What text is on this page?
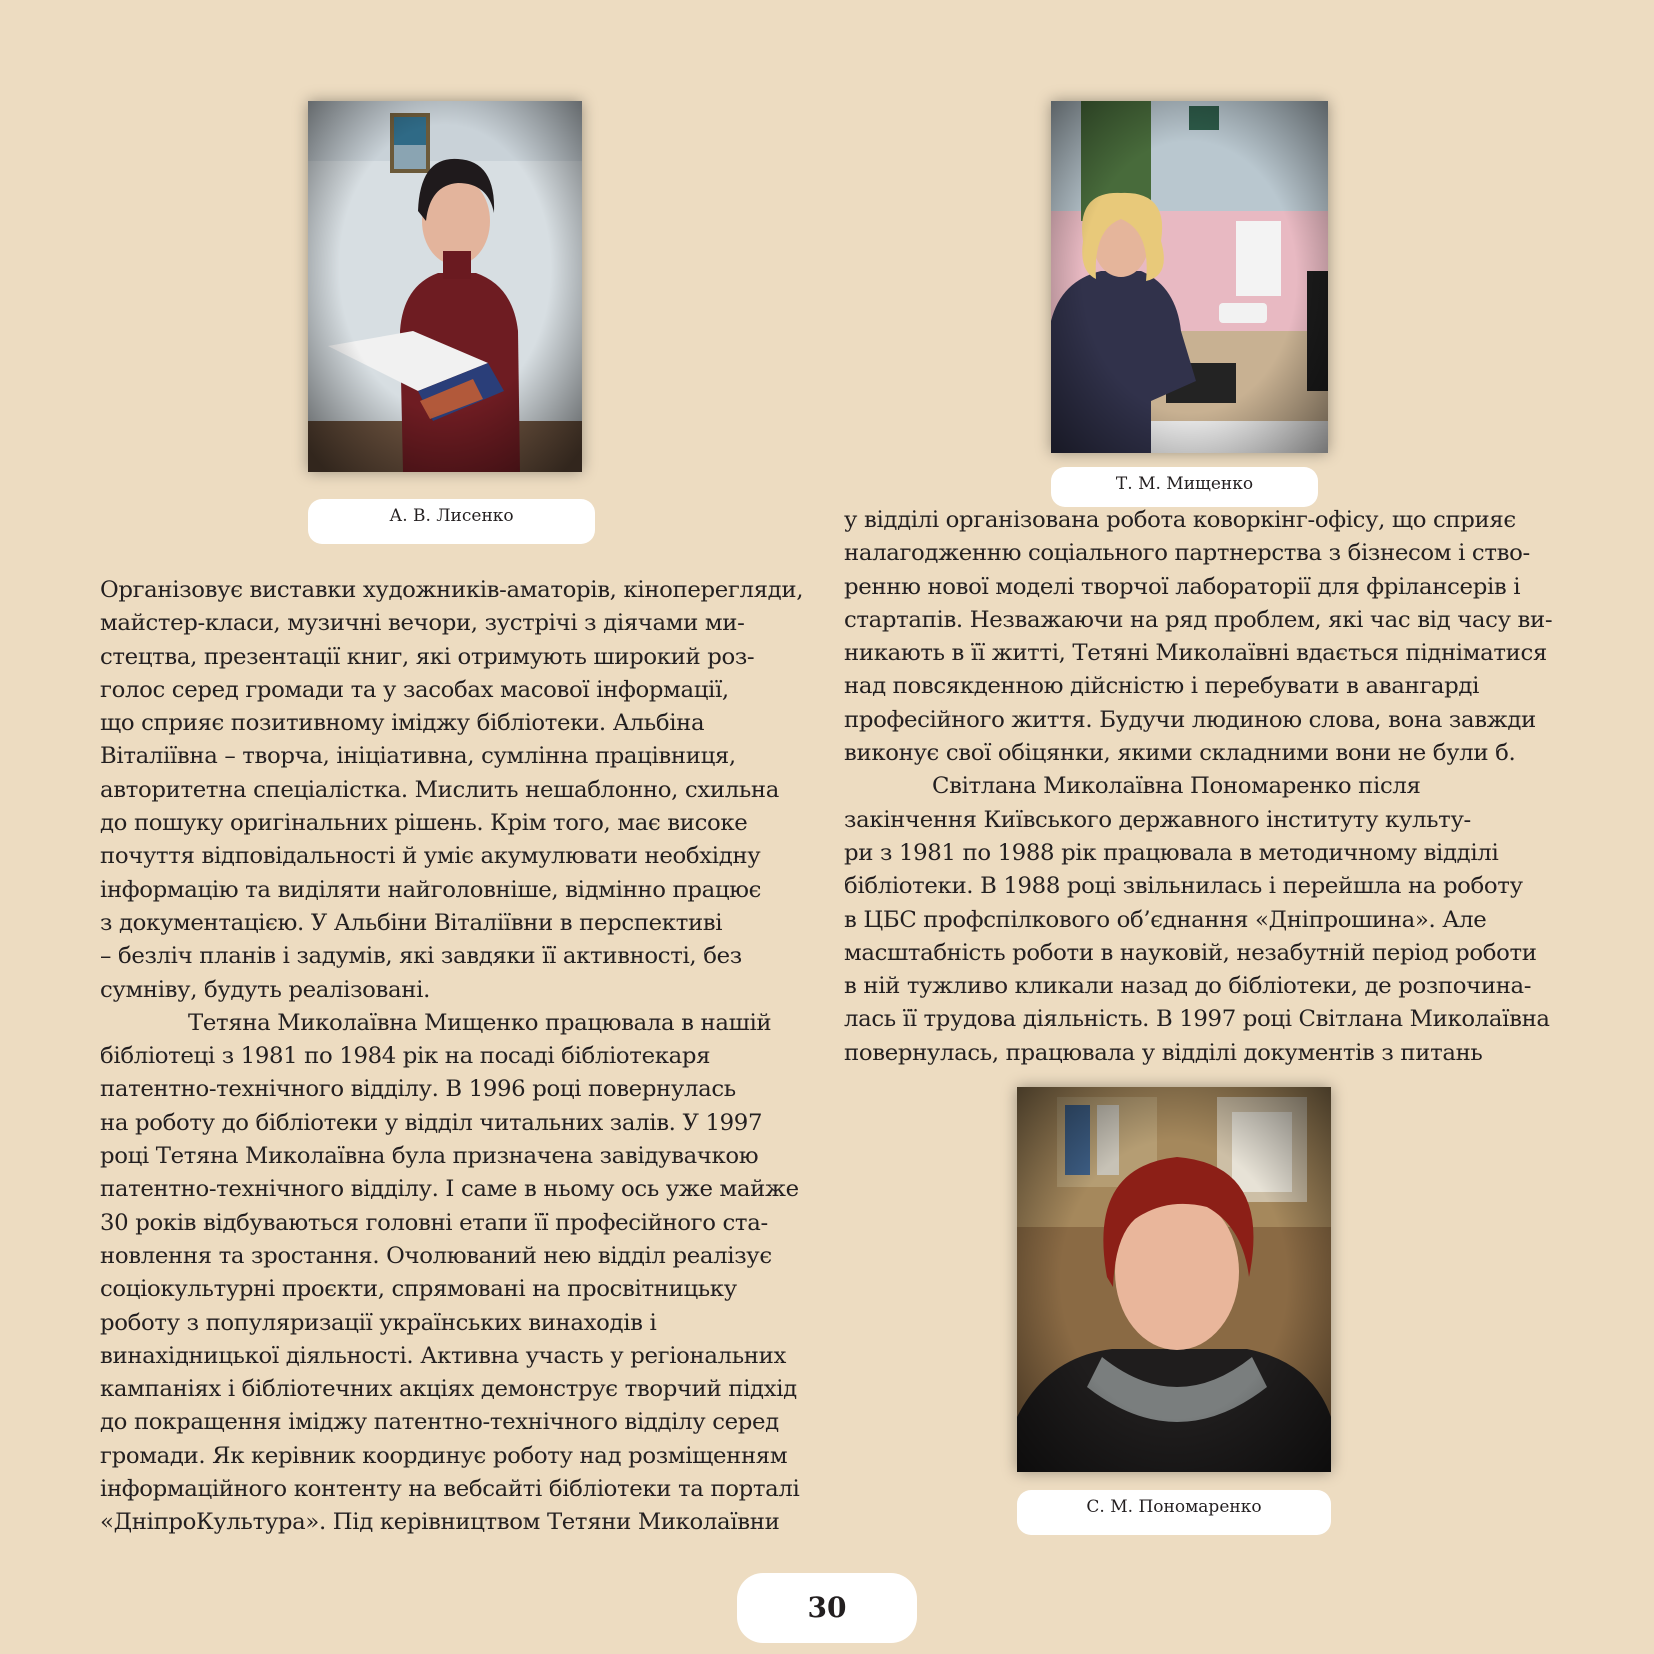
А. В. Лисенко
Т. М. Мищенко
С. М. Пономаренко
Організовує виставки художників-аматорів, кіноперегляди,
майстер-класи, музичні вечори, зустрічі з діячами ми-
стецтва, презентації книг, які отримують широкий роз-
голос серед громади та у засобах масової інформації,
що сприяє позитивному іміджу бібліотеки. Альбіна
Віталіївна – творча, ініціативна, сумлінна працівниця,
авторитетна спеціалістка. Мислить нешаблонно, схильна
до пошуку оригінальних рішень. Крім того, має високе
почуття відповідальності й уміє акумулювати необхідну
інформацію та виділяти найголовніше, відмінно працює
з документацією. У Альбіни Віталіївни в перспективі
– безліч планів і задумів, які завдяки її активності, без
сумніву, будуть реалізовані.
Тетяна Миколаївна Мищенко працювала в нашій
бібліотеці з 1981 по 1984 рік на посаді бібліотекаря
патентно-технічного відділу. В 1996 році повернулась
на роботу до бібліотеки у відділ читальних залів. У 1997
році Тетяна Миколаївна була призначена завідувачкою
патентно-технічного відділу. І саме в ньому ось уже майже
30 років відбуваються головні етапи її професійного ста-
новлення та зростання. Очолюваний нею відділ реалізує
соціокультурні проєкти, спрямовані на просвітницьку
роботу з популяризації українських винаходів і
винахідницької діяльності. Активна участь у регіональних
кампаніях і бібліотечних акціях демонструє творчий підхід
до покращення іміджу патентно-технічного відділу серед
громади. Як керівник координує роботу над розміщенням
інформаційного контенту на вебсайті бібліотеки та порталі
«ДніпроКультура». Під керівництвом Тетяни Миколаївни
у відділі організована робота коворкінг-офісу, що сприяє
налагодженню соціального партнерства з бізнесом і ство-
ренню нової моделі творчої лабораторії для фрілансерів і
стартапів. Незважаючи на ряд проблем, які час від часу ви-
никають в її житті, Тетяні Миколаївні вдається підніматися
над повсякденною дійсністю і перебувати в авангарді
професійного життя. Будучи людиною слова, вона завжди
виконує свої обіцянки, якими складними вони не були б.
Світлана Миколаївна Пономаренко після
закінчення Київського державного інституту культу-
ри з 1981 по 1988 рік працювала в методичному відділі
бібліотеки. В 1988 році звільнилась і перейшла на роботу
в ЦБС профспілкового об’єднання «Дніпрошина». Але
масштабність роботи в науковій, незабутній період роботи
в ній тужливо кликали назад до бібліотеки, де розпочина-
лась її трудова діяльність. В 1997 році Світлана Миколаївна
повернулась, працювала у відділі документів з питань
30
